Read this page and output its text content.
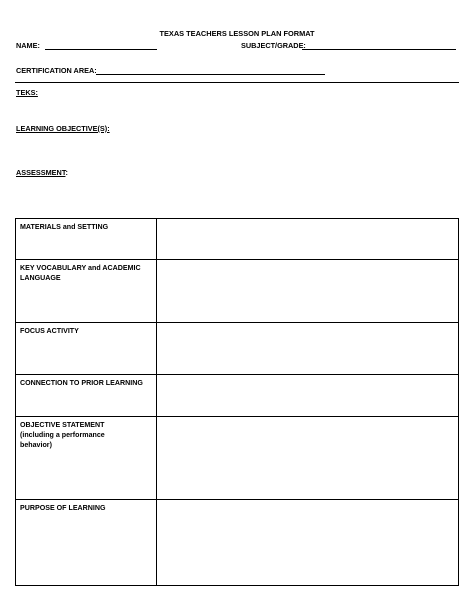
TEXAS TEACHERS LESSON PLAN FORMAT
NAME:	SUBJECT/GRADE:
CERTIFICATION AREA:
TEKS:
LEARNING OBJECTIVE(S):
ASSESSMENT:
MATERIALS and SETTING	

KEY VOCABULARY and ACADEMIC
LANGUAGE	

FOCUS ACTIVITY	

CONNECTION TO PRIOR LEARNING	

OBJECTIVE STATEMENT
(including a performance
behavior)	

PURPOSE OF LEARNING	
